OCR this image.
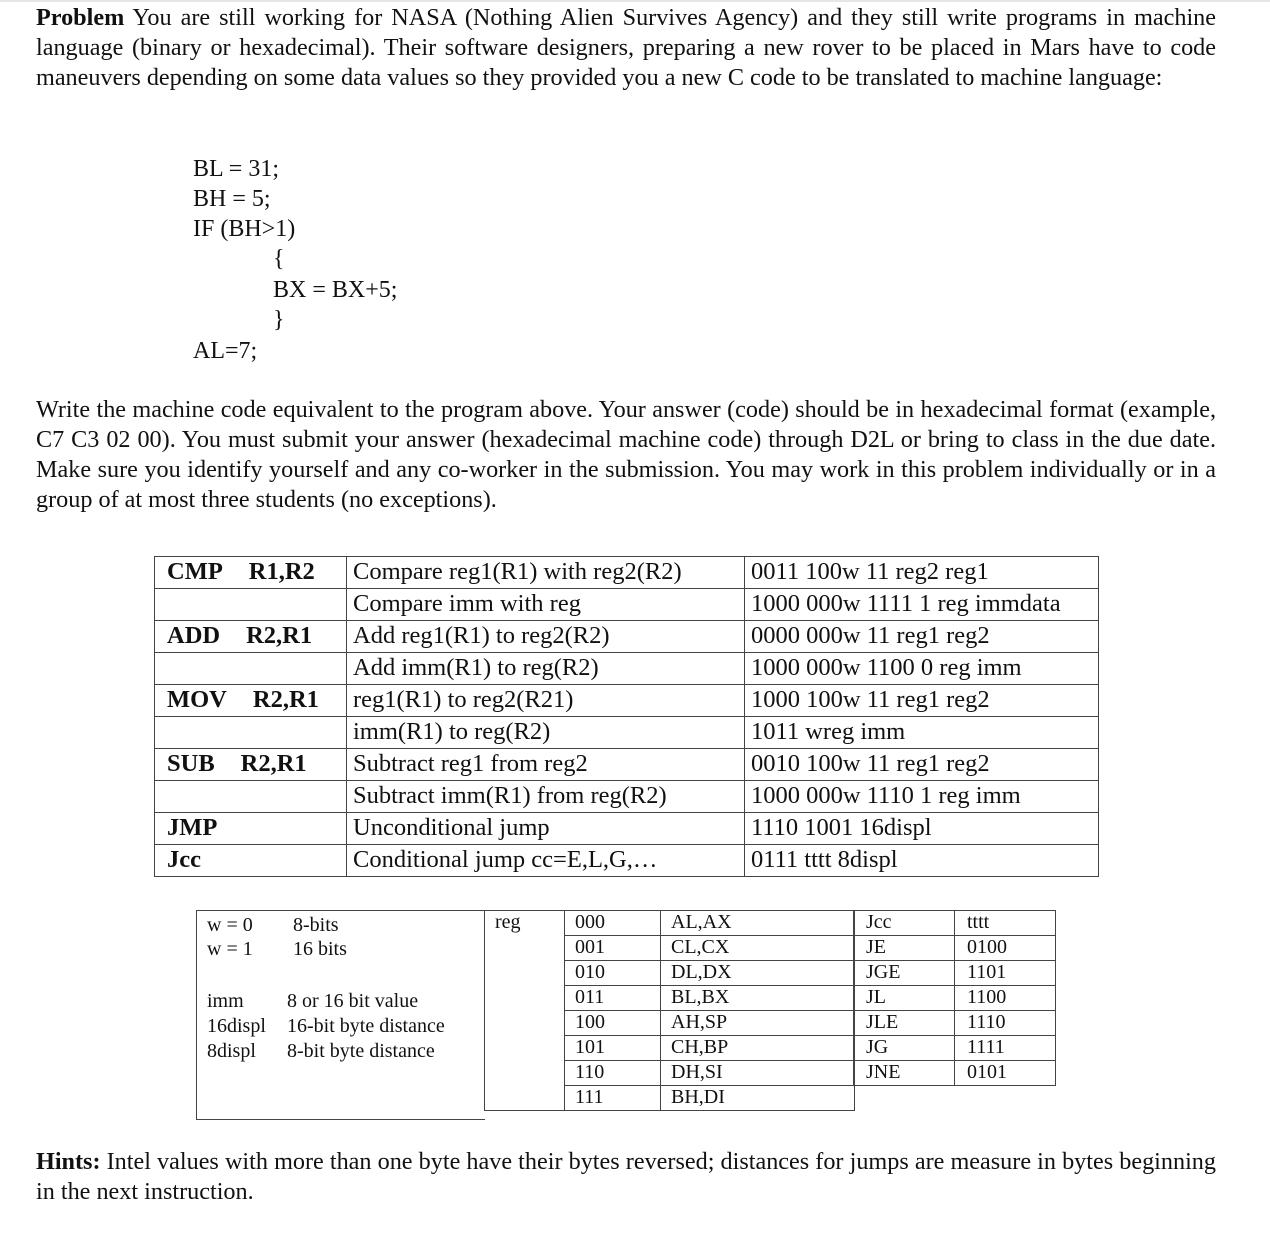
Problem You are still working for NASA (Nothing Alien Survives Agency) and they still write programs in machine language (binary or hexadecimal). Their software designers, preparing a new rover to be placed in Mars have to code maneuvers depending on some data values so they provided you a new C code to be translated to machine language:

BL = 31;
BH = 5;
IF (BH>1)
{
BX = BX+5;
}
AL=7;

Write the machine code equivalent to the program above. Your answer (code) should be in hexadecimal format (example, C7 C3 02 00). You must submit your answer (hexadecimal machine code) through D2L or bring to class in the due date. Make sure you identify yourself and any co-worker in the submission. You may work in this problem individually or in a group of at most three students (no exceptions).

CMP R1,R2	Compare reg1(R1) with reg2(R2)	0011 100w 11 reg2 reg1
	Compare imm with reg	1000 000w 1111 1 reg immdata
ADD R2,R1	Add reg1(R1) to reg2(R2)	0000 000w 11 reg1 reg2
	Add imm(R1) to reg(R2)	1000 000w 1100 0 reg imm
MOV R2,R1	reg1(R1) to reg2(R21)	1000 100w 11 reg1 reg2
	imm(R1) to reg(R2)	1011 wreg imm
SUB R2,R1	Subtract reg1 from reg2	0010 100w 11 reg1 reg2
	Subtract imm(R1) from reg(R2)	1000 000w 1110 1 reg imm
JMP	Unconditional jump	1110 1001 16displ
Jcc	Conditional jump cc=E,L,G,…	0111 tttt 8displ
w = 0 8-bits
w = 1 16 bits
imm 8 or 16 bit value
16displ 16-bit byte distance
8displ 8-bit byte distance
reg	000	AL,AX
	001	CL,CX
	010	DL,DX
	011	BL,BX
	100	AH,SP
	101	CH,BP
	110	DH,SI
	111	BH,DI
Jcc	tttt
JE	0100
JGE	1101
JL	1100
JLE	1110
JG	1111
JNE	0101

Hints: Intel values with more than one byte have their bytes reversed; distances for jumps are measure in bytes beginning in the next instruction.
